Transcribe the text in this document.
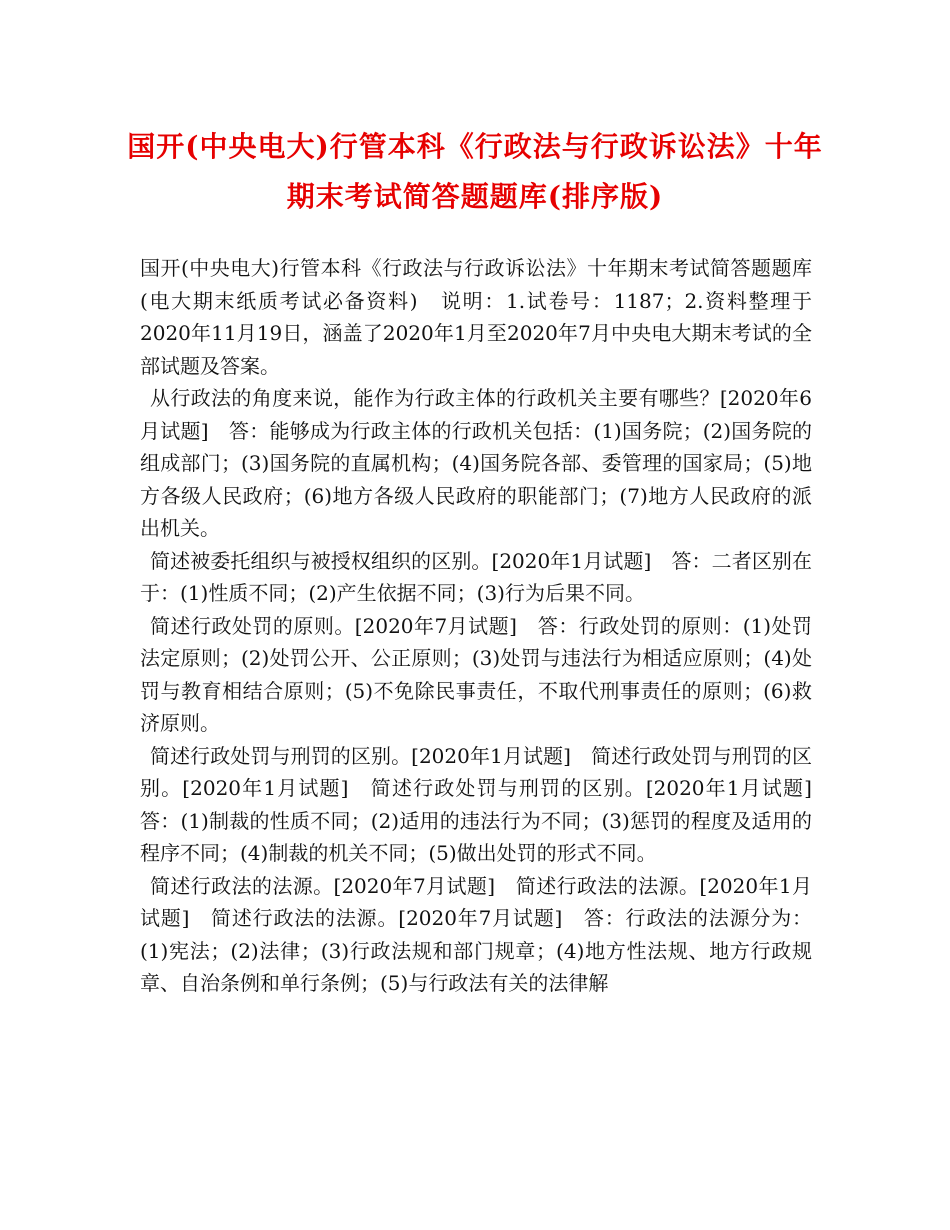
国开(中央电大)行管本科《行政法与行政诉讼法》十年期末考试简答题题库(排序版)

国开(中央电大)行管本科《行政法与行政诉讼法》十年期末考试简答题题库　(电大期末纸质考试必备资料)　说明：1.试卷号：1187；2.资料整理于2020年11月19日，涵盖了2020年1月至2020年7月中央电大期末考试的全部试题及答案。

从行政法的角度来说，能作为行政主体的行政机关主要有哪些？[2020年6月试题]　答：能够成为行政主体的行政机关包括：(1)国务院；(2)国务院的组成部门；(3)国务院的直属机构；(4)国务院各部、委管理的国家局；(5)地方各级人民政府；(6)地方各级人民政府的职能部门；(7)地方人民政府的派出机关。

简述被委托组织与被授权组织的区别。[2020年1月试题]　答：二者区别在于：(1)性质不同；(2)产生依据不同；(3)行为后果不同。

简述行政处罚的原则。[2020年7月试题]　答：行政处罚的原则：(1)处罚法定原则；(2)处罚公开、公正原则；(3)处罚与违法行为相适应原则；(4)处罚与教育相结合原则；(5)不免除民事责任，不取代刑事责任的原则；(6)救济原则。

简述行政处罚与刑罚的区别。[2020年1月试题]　简述行政处罚与刑罚的区别。[2020年1月试题]　简述行政处罚与刑罚的区别。[2020年1月试题]　答：(1)制裁的性质不同；(2)适用的违法行为不同；(3)惩罚的程度及适用的程序不同；(4)制裁的机关不同；(5)做出处罚的形式不同。

简述行政法的法源。[2020年7月试题]　简述行政法的法源。[2020年1月试题]　简述行政法的法源。[2020年7月试题]　答：行政法的法源分为：(1)宪法；(2)法律；(3)行政法规和部门规章；(4)地方性法规、地方行政规章、自治条例和单行条例；(5)与行政法有关的法律解
